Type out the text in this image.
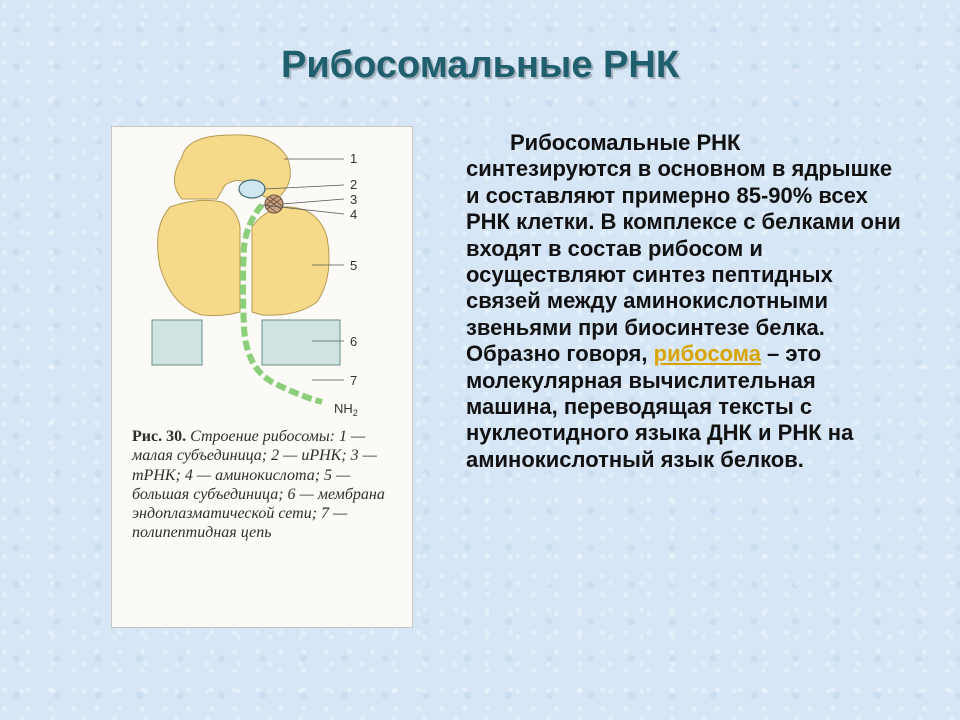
Рибосомальные РНК
1
2
3
4
5
6
7
$NH_2$
Рис. 30. Строение рибосомы: 1 — малая субъединица; 2 — иРНК; 3 — тРНК; 4 — аминокислота; 5 — большая субъединица; 6 — мембрана эндоплазматической сети; 7 — полипептидная цепь
Рибосомальные РНК синтезируются в основном в ядрышке и составляют примерно 85-90% всех РНК клетки. В комплексе с белками они входят в состав рибосом и осуществляют синтез пептидных связей между аминокислотными звеньями при биосинтезе белка. Образно говоря, рибосома – это молекулярная вычислительная машина, переводящая тексты с нуклеотидного языка ДНК и РНК на аминокислотный язык белков.
